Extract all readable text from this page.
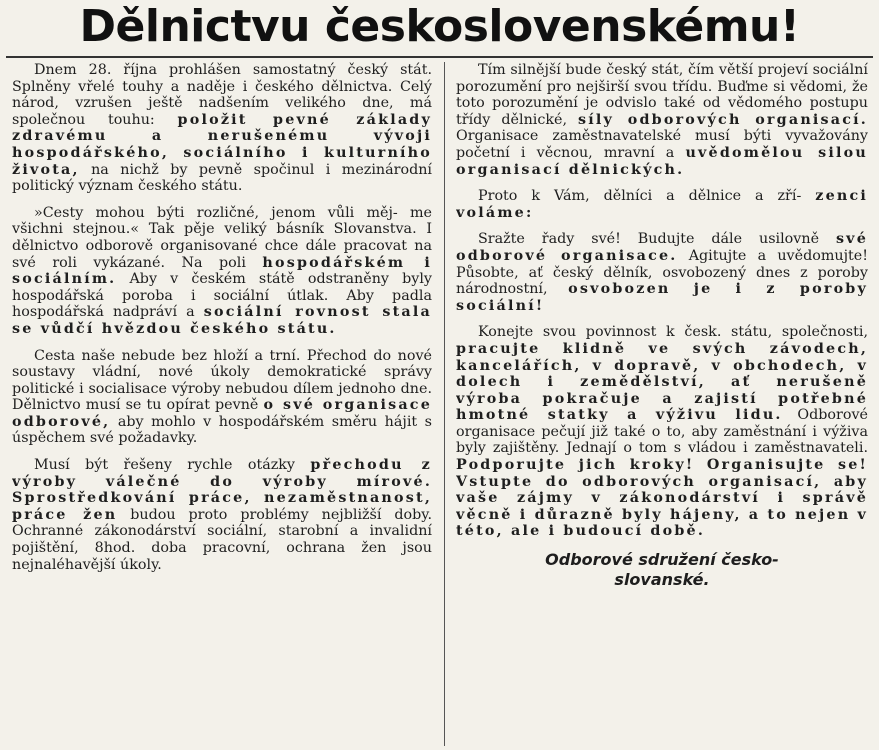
Dělnictvu československému!

Dnem 28. října prohlášen samostatný český stát. Splněny vřelé touhy a naděje i českého dělnictva. Celý národ, vzrušen ještě nadšením velikého dne, má společnou touhu: položit pevné základy zdravému a nerušenému vývoji hospodářského, sociálního i kulturního života, na nichž by pevně spočinul i mezinárodní politický význam českého státu.

»Cesty mohou býti rozličné, jenom vůli měj- me všichni stejnou.« Tak pěje veliký básník Slovanstva. I dělnictvo odborově organisované chce dále pracovat na své roli vykázané. Na poli hospodářském i sociálním. Aby v českém státě odstraněny byly hospodářská poroba i sociální útlak. Aby padla hospodářská nadpráví a sociální rovnost stala se vůdčí hvězdou českého státu.

Cesta naše nebude bez hloží a trní. Přechod do nové soustavy vládní, nové úkoly demokratické správy politické i socialisace výroby nebudou dílem jednoho dne. Dělnictvo musí se tu opírat pevně o své organisace odborové, aby mohlo v hospodářském směru hájit s úspěchem své požadavky.

Musí být řešeny rychle otázky přechodu z výroby válečné do výroby mírové. Sprostředkování práce, nezaměstnanost, práce žen budou proto problémy nejbližší doby. Ochranné zákonodárství sociální, starobní a invalidní pojištění, 8hod. doba pracovní, ochrana žen jsou nejnaléhavější úkoly.

Tím silnější bude český stát, čím větší projeví sociální porozumění pro nejširší svou třídu. Buďme si vědomi, že toto porozumění je odvislo také od vědomého postupu třídy dělnické, síly odborových organisací. Organisace zaměstnavatelské musí býti vyvažovány početní i věcnou, mravní a uvědomělou silou organisací dělnických.

Proto k Vám, dělníci a dělnice a zří- zenci voláme:

Sražte řady své! Budujte dále usilovně své odborové organisace. Agitujte a uvědomujte! Působte, ať český dělník, osvobozený dnes z poroby národnostní, osvobozen je i z poroby sociální!

Konejte svou povinnost k česk. státu, společnosti, pracujte klidně ve svých závodech, kancelářích, v dopravě, v obchodech, v dolech i zemědělství, ať nerušeně výroba pokračuje a zajistí potřebné hmotné statky a výživu lidu. Odborové organisace pečují již také o to, aby zaměstnání i výživa byly zajištěny. Jednají o tom s vládou i zaměstnavateli. Podporujte jich kroky! Organisujte se! Vstupte do odborových organisací, aby vaše zájmy v zákonodárství i správě věcně i důrazně byly hájeny, a to nejen v této, ale i budoucí době.

Odborové sdružení česko-
slovanské.
